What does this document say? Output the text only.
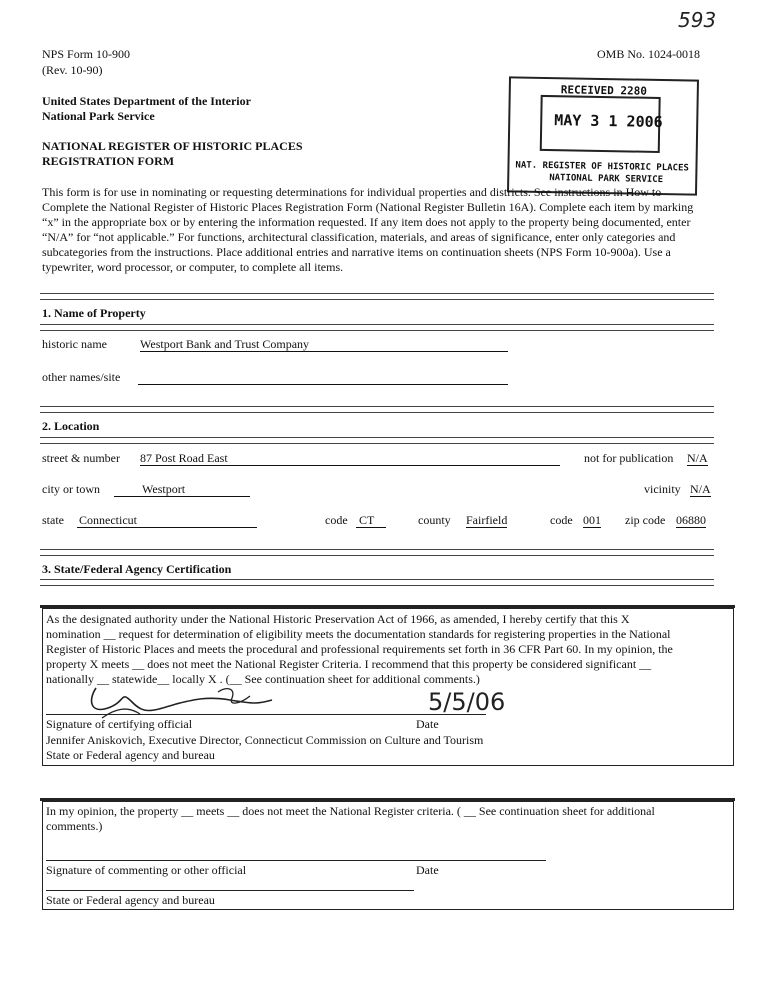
593
NPS Form 10-900
(Rev. 10-90)
OMB No. 1024-0018
United States Department of the Interior
National Park Service
NATIONAL REGISTER OF HISTORIC PLACES
REGISTRATION FORM
RECEIVED 2280
MAY 3 1 2006
NAT. REGISTER OF HISTORIC PLACES
NATIONAL PARK SERVICE
This form is for use in nominating or requesting determinations for individual properties and districts. See instructions in How to Complete the National Register of Historic Places Registration Form (National Register Bulletin 16A). Complete each item by marking “x” in the appropriate box or by entering the information requested. If any item does not apply to the property being documented, enter “N/A” for “not applicable.” For functions, architectural classification, materials, and areas of significance, enter only categories and subcategories from the instructions. Place additional entries and narrative items on continuation sheets (NPS Form 10-900a). Use a typewriter, word processor, or computer, to complete all items.
1. Name of Property
historic name	Westport Bank and Trust Company
other names/site
2. Location
street & number 87 Post Road East	not for publication N/A
city or town	Westport	vicinity N/A
state Connecticut	code CT	county Fairfield	code 001 zip code 06880
3. State/Federal Agency Certification
As the designated authority under the National Historic Preservation Act of 1966, as amended, I hereby certify that this X
nomination __ request for determination of eligibility meets the documentation standards for registering properties in the National
Register of Historic Places and meets the procedural and professional requirements set forth in 36 CFR Part 60. In my opinion, the
property X meets __ does not meet the National Register Criteria. I recommend that this property be considered significant __
nationally __ statewide__ locally X . (__ See continuation sheet for additional comments.)
5/5/06
Signature of certifying official	Date
Jennifer Aniskovich, Executive Director, Connecticut Commission on Culture and Tourism
State or Federal agency and bureau
In my opinion, the property __ meets __ does not meet the National Register criteria. ( __ See continuation sheet for additional
comments.)
Signature of commenting or other official	Date
State or Federal agency and bureau
